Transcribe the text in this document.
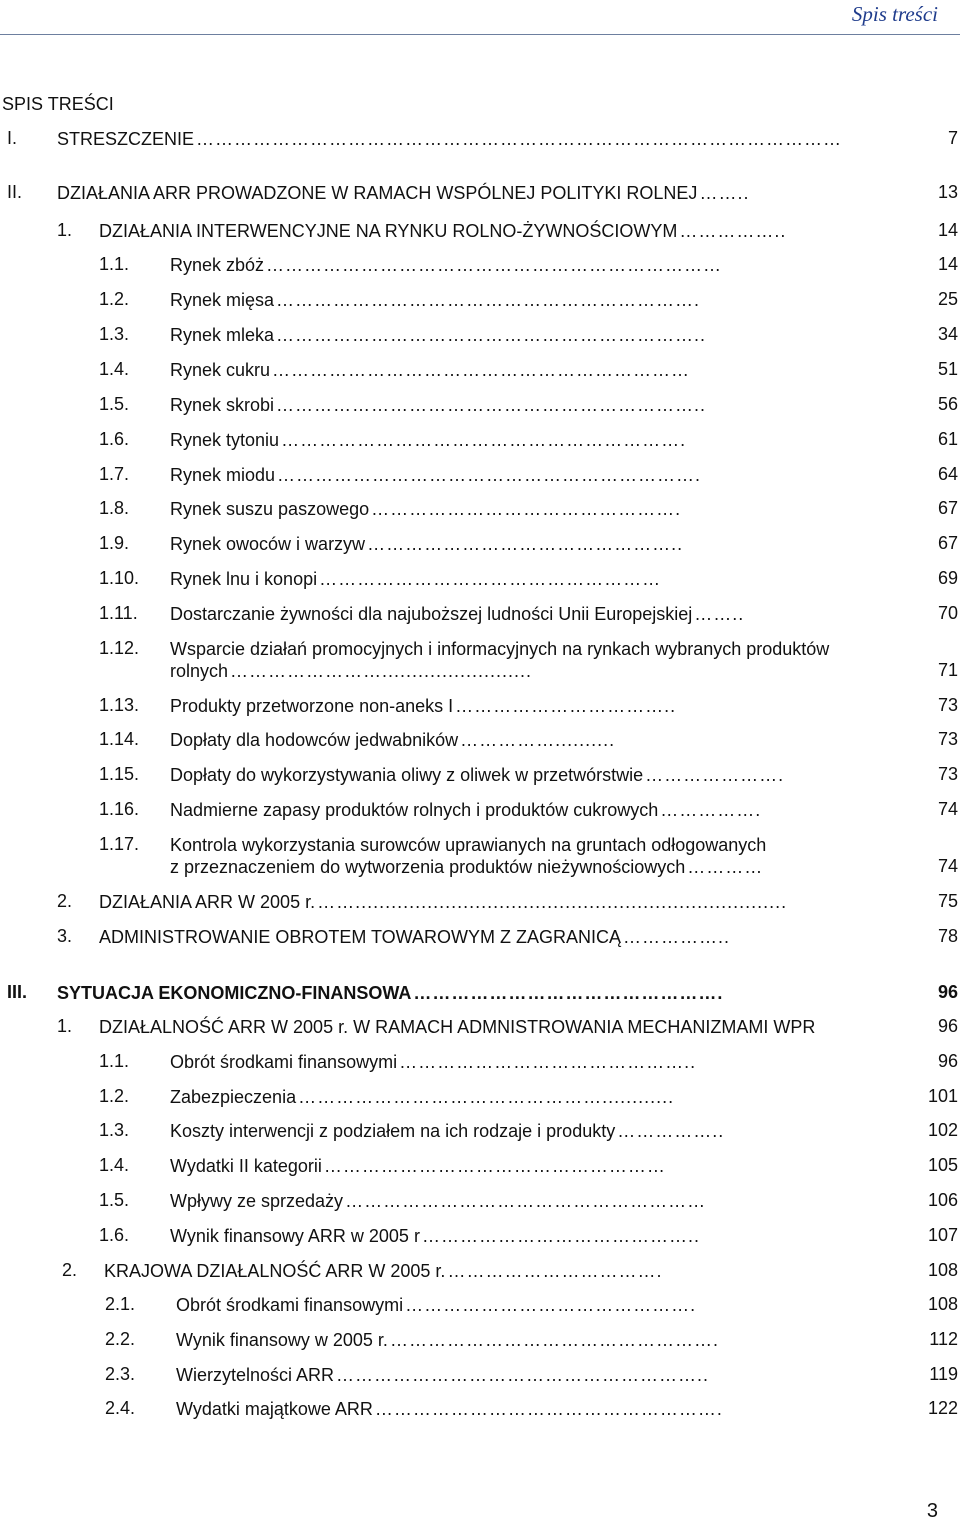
Spis treści
SPIS TREŚCI
I. STRESZCZENIE …………………………………………………………………………………………	7
II. DZIAŁANIA ARR PROWADZONE W RAMACH WSPÓLNEJ POLITYKI ROLNEJ ……..	13
1. DZIAŁANIA INTERWENCYJNE NA RYNKU ROLNO-ŻYWNOŚCIOWYM ……………..	14
1.1. Rynek zbóż ………………………………………………………………	14
1.2. Rynek mięsa ………………………………………………………….	25
1.3. Rynek mleka …………………………………………………………..	34
1.4. Rynek cukru …………………………………………………………	51
1.5. Rynek skrobi …………………………………………………………..	56
1.6. Rynek tytoniu ……………………………………………………….	61
1.7. Rynek miodu ………………………………………………………….	64
1.8. Rynek suszu paszowego ………………………………………….	67
1.9. Rynek owoców i warzyw …………………………………………..	67
1.10. Rynek lnu i konopi ………………………………………………	69
1.11. Dostarczanie żywności dla najuboższej ludności Unii Europejskiej ……..	70
1.12. Wsparcie działań promocyjnych i informacyjnych na rynkach wybranych produktów
rolnych …………………….........................	71
1.13. Produkty przetworzone non-aneks I ……………………………..	73
1.14. Dopłaty dla hodowców jedwabników ……………..........	73
1.15. Dopłaty do wykorzystywania oliwy z oliwek w przetwórstwie ………………….	73
1.16. Nadmierne zapasy produktów rolnych i produktów cukrowych …………….	74
1.17. Kontrola wykorzystania surowców uprawianych na gruntach odłogowanych
z przeznaczeniem do wytworzenia produktów nieżywnościowych …………	74
2. DZIAŁANIA ARR W 2005 r. ……........................................................................	75
3. ADMINISTROWANIE OBROTEM TOWAROWYM Z ZAGRANICĄ ……………..	78
III. SYTUACJA EKONOMICZNO-FINANSOWA ………………………………………….	96
1. DZIAŁALNOŚĆ ARR W 2005 r. W RAMACH ADMNISTROWANIA MECHANIZMAMI WPR	96
1.1. Obrót środkami finansowymi ………………………………………..	96
1.2. Zabezpieczenia …………………………………………............	101
1.3. Koszty interwencji z podziałem na ich rodzaje i produkty ……………..	102
1.4. Wydatki II kategorii ………………………………………………	105
1.5. Wpływy ze sprzedaży …………………………………………………	106
1.6. Wynik finansowy ARR w 2005 r ……………………………………..	107
2. KRAJOWA DZIAŁALNOŚĆ ARR W 2005 r. …………………………….	108
2.1. Obrót środkami finansowymi ……………………………………….	108
2.2. Wynik finansowy w 2005 r. …………………………………………….	112
2.3. Wierzytelności ARR …………………………………………………..	119
2.4. Wydatki majątkowe ARR ……………………………………………….	122
3
